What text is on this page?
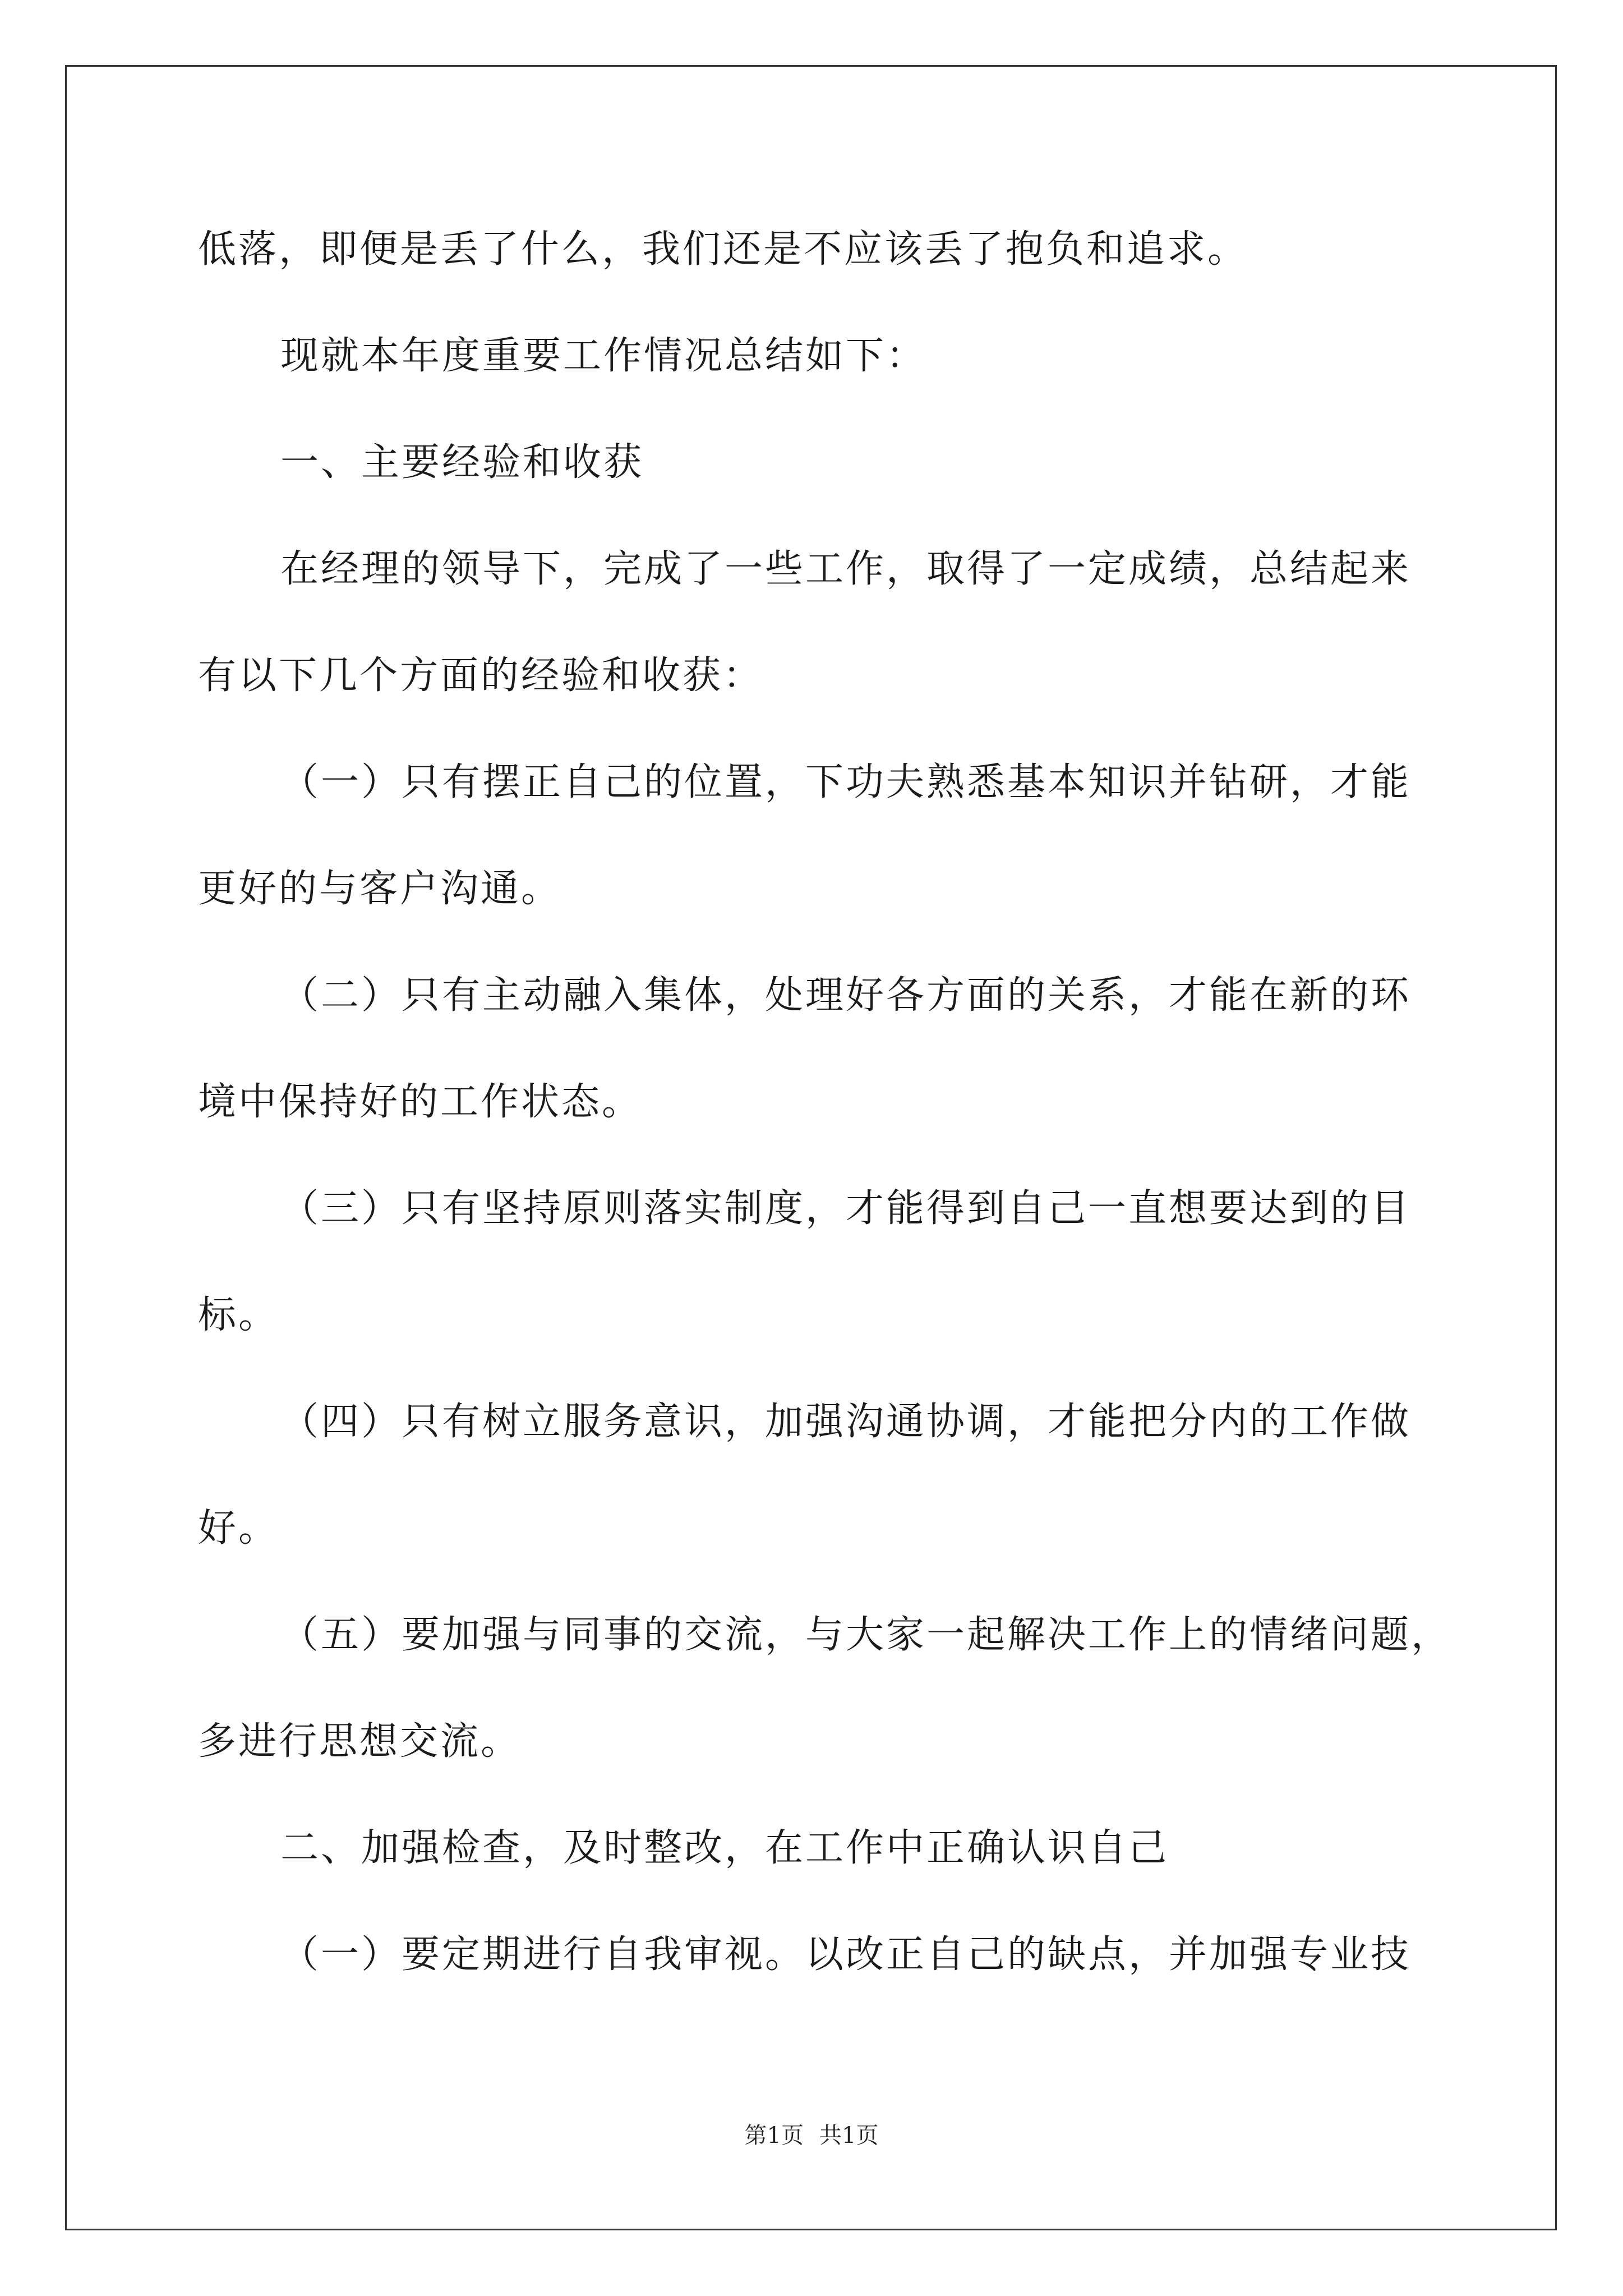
低落，即便是丢了什么，我们还是不应该丢了抱负和追求。
现就本年度重要工作情况总结如下：
一、主要经验和收获
在经理的领导下，完成了一些工作，取得了一定成绩，总结起来
有以下几个方面的经验和收获：
（一）只有摆正自己的位置，下功夫熟悉基本知识并钻研，才能
更好的与客户沟通。
（二）只有主动融入集体，处理好各方面的关系，才能在新的环
境中保持好的工作状态。
（三）只有坚持原则落实制度，才能得到自己一直想要达到的目
标。
（四）只有树立服务意识，加强沟通协调，才能把分内的工作做
好。
（五）要加强与同事的交流，与大家一起解决工作上的情绪问题，
多进行思想交流。
二、加强检查，及时整改，在工作中正确认识自己
（一）要定期进行自我审视。以改正自己的缺点，并加强专业技
第1页 共1页
